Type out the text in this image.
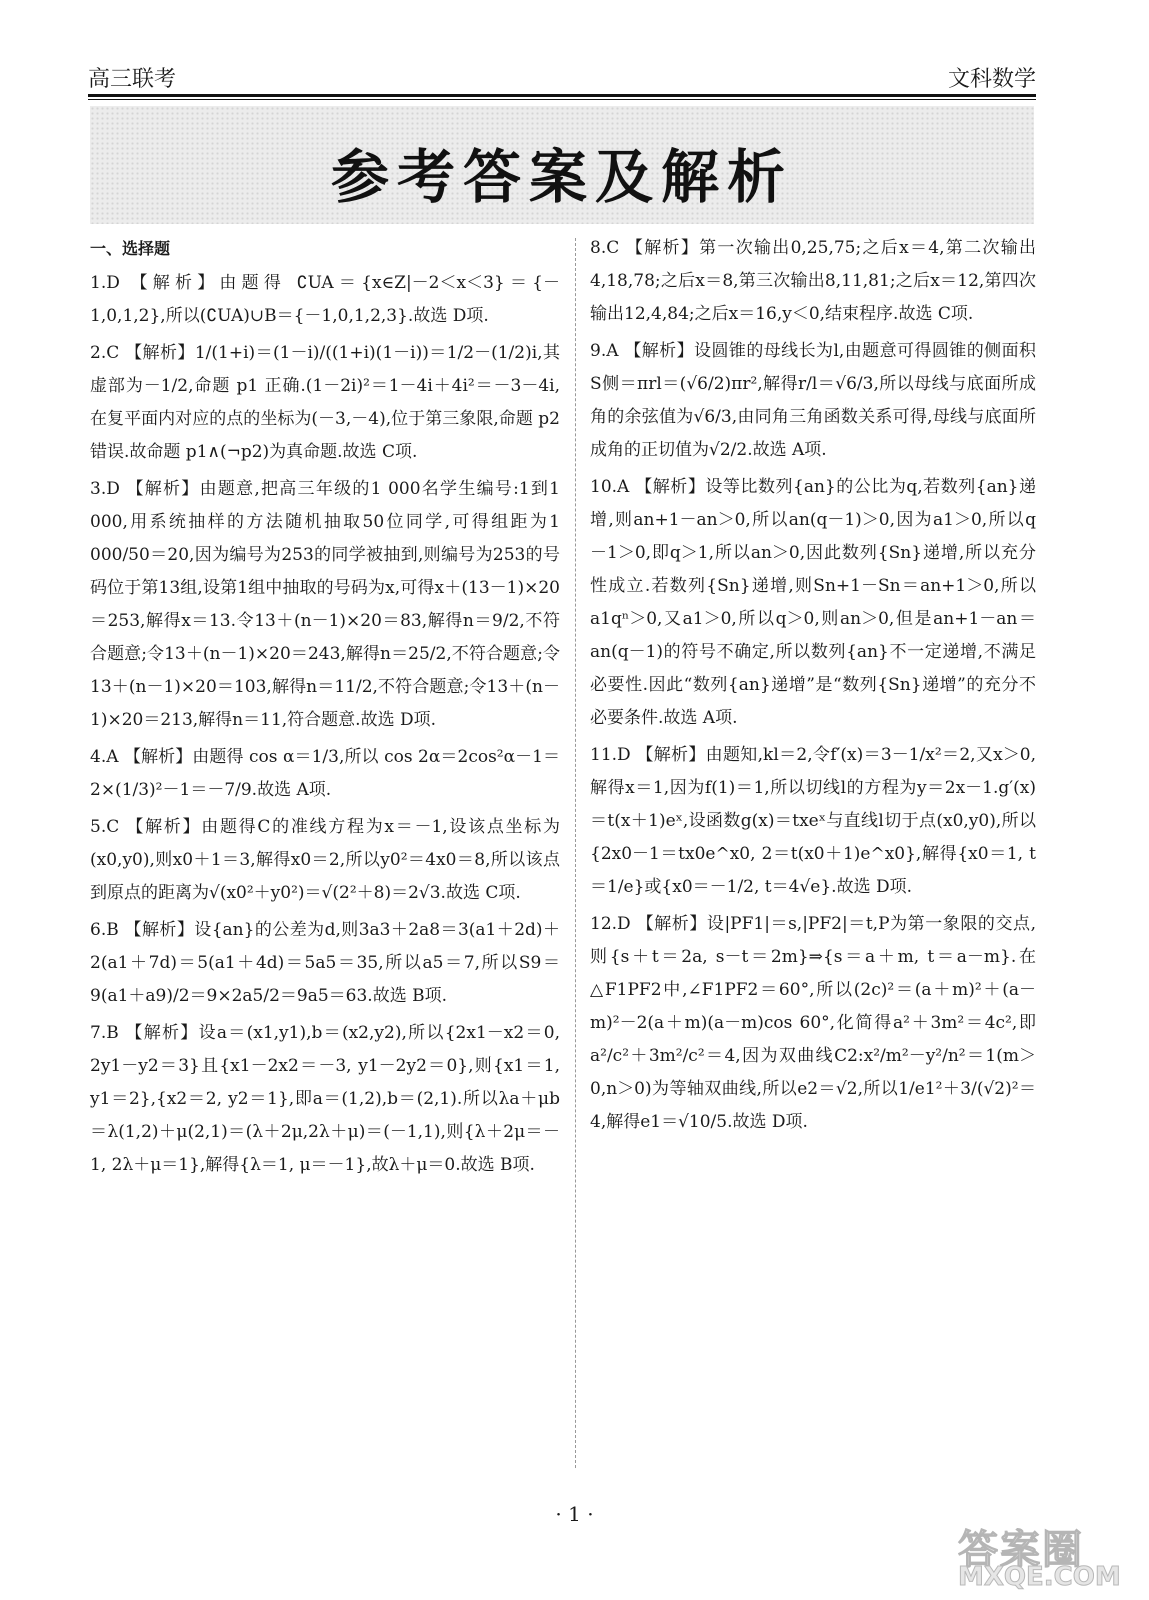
高三联考	文科数学
参考答案及解析
一、选择题

1.D 【解析】由题得 ∁UA＝{x∈Z|－2＜x＜3}＝{－1,0,1,2},所以(∁UA)∪B＝{－1,0,1,2,3}.故选 D项.

2.C 【解析】1/(1+i)＝(1－i)/((1+i)(1－i))＝1/2－(1/2)i,其虚部为－1/2,命题 p1 正确.(1－2i)²＝1－4i＋4i²＝－3－4i,在复平面内对应的点的坐标为(－3,－4),位于第三象限,命题 p2 错误.故命题 p1∧(¬p2)为真命题.故选 C项.

3.D 【解析】由题意,把高三年级的1 000名学生编号:1到1 000,用系统抽样的方法随机抽取50位同学,可得组距为1 000/50＝20,因为编号为253的同学被抽到,则编号为253的号码位于第13组,设第1组中抽取的号码为x,可得x＋(13－1)×20＝253,解得x＝13.令13＋(n－1)×20＝83,解得n＝9/2,不符合题意;令13＋(n－1)×20＝243,解得n＝25/2,不符合题意;令13＋(n－1)×20＝103,解得n＝11/2,不符合题意;令13＋(n－1)×20＝213,解得n＝11,符合题意.故选 D项.

4.A 【解析】由题得 cos α＝1/3,所以 cos 2α＝2cos²α－1＝2×(1/3)²－1＝－7/9.故选 A项.

5.C 【解析】由题得C的准线方程为x＝－1,设该点坐标为(x0,y0),则x0＋1＝3,解得x0＝2,所以y0²＝4x0＝8,所以该点到原点的距离为√(x0²＋y0²)＝√(2²＋8)＝2√3.故选 C项.

6.B 【解析】设{an}的公差为d,则3a3＋2a8＝3(a1＋2d)＋2(a1＋7d)＝5(a1＋4d)＝5a5＝35,所以a5＝7,所以S9＝9(a1＋a9)/2＝9×2a5/2＝9a5＝63.故选 B项.

7.B 【解析】设a＝(x1,y1),b＝(x2,y2),所以{2x1－x2＝0, 2y1－y2＝3}且{x1－2x2＝－3, y1－2y2＝0},则{x1＝1, y1＝2},{x2＝2, y2＝1},即a＝(1,2),b＝(2,1).所以λa＋μb＝λ(1,2)＋μ(2,1)＝(λ＋2μ,2λ＋μ)＝(－1,1),则{λ＋2μ＝－1, 2λ＋μ＝1},解得{λ＝1, μ＝－1},故λ＋μ＝0.故选 B项.

8.C 【解析】第一次输出0,25,75;之后x＝4,第二次输出4,18,78;之后x＝8,第三次输出8,11,81;之后x＝12,第四次输出12,4,84;之后x＝16,y＜0,结束程序.故选 C项.

9.A 【解析】设圆锥的母线长为l,由题意可得圆锥的侧面积S侧＝πrl＝(√6/2)πr²,解得r/l＝√6/3,所以母线与底面所成角的余弦值为√6/3,由同角三角函数关系可得,母线与底面所成角的正切值为√2/2.故选 A项.

10.A 【解析】设等比数列{an}的公比为q,若数列{an}递增,则an+1－an＞0,所以an(q－1)＞0,因为a1＞0,所以q－1＞0,即q＞1,所以an＞0,因此数列{Sn}递增,所以充分性成立.若数列{Sn}递增,则Sn+1－Sn＝an+1＞0,所以a1qⁿ＞0,又a1＞0,所以q＞0,则an＞0,但是an+1－an＝an(q－1)的符号不确定,所以数列{an}不一定递增,不满足必要性.因此“数列{an}递增”是“数列{Sn}递增”的充分不必要条件.故选 A项.

11.D 【解析】由题知,kl＝2,令f′(x)＝3－1/x²＝2,又x＞0,解得x＝1,因为f(1)＝1,所以切线l的方程为y＝2x－1.g′(x)＝t(x＋1)eˣ,设函数g(x)＝txeˣ与直线l切于点(x0,y0),所以{2x0－1＝tx0e^x0, 2＝t(x0＋1)e^x0},解得{x0＝1, t＝1/e}或{x0＝－1/2, t＝4√e}.故选 D项.

12.D 【解析】设|PF1|＝s,|PF2|＝t,P为第一象限的交点,则{s＋t＝2a, s－t＝2m}⇒{s＝a＋m, t＝a－m}.在△F1PF2中,∠F1PF2＝60°,所以(2c)²＝(a＋m)²＋(a－m)²－2(a＋m)(a－m)cos 60°,化简得a²＋3m²＝4c²,即a²/c²＋3m²/c²＝4,因为双曲线C2:x²/m²－y²/n²＝1(m＞0,n＞0)为等轴双曲线,所以e2＝√2,所以1/e1²＋3/(√2)²＝4,解得e1＝√10/5.故选 D项.

· 1 ·
答案圈
MXQE.COM
